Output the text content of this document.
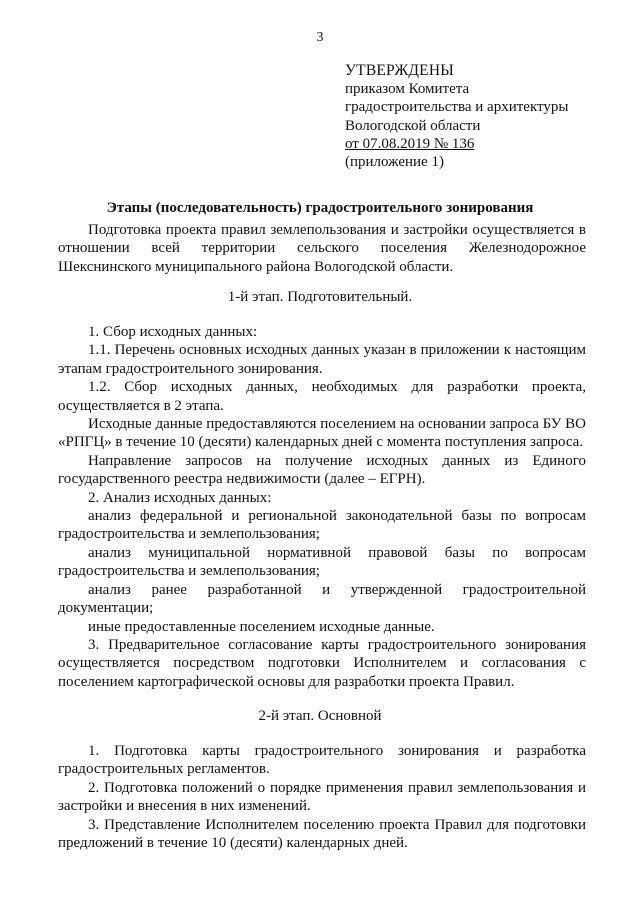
3
УТВЕРЖДЕНЫ
приказом Комитета
градостроительства и архитектуры
Вологодской области
от 07.08.2019 № 136
(приложение 1)
Этапы (последовательность) градостроительного зонирования

Подготовка проекта правил землепользования и застройки осуществляется в отношении всей территории сельского поселения Железнодорожное Шекснинского муниципального района Вологодской области.

1-й этап. Подготовительный.

1. Сбор исходных данных:

1.1. Перечень основных исходных данных указан в приложении к настоящим этапам градостроительного зонирования.

1.2. Сбор исходных данных, необходимых для разработки проекта, осуществляется в 2 этапа.

Исходные данные предоставляются поселением на основании запроса БУ ВО «РПГЦ» в течение 10 (десяти) календарных дней с момента поступления запроса.

Направление запросов на получение исходных данных из Единого государственного реестра недвижимости (далее – ЕГРН).

2. Анализ исходных данных:

анализ федеральной и региональной законодательной базы по вопросам градостроительства и землепользования;

анализ муниципальной нормативной правовой базы по вопросам градостроительства и землепользования;

анализ ранее разработанной и утвержденной градостроительной документации;

иные предоставленные поселением исходные данные.

3. Предварительное согласование карты градостроительного зонирования осуществляется посредством подготовки Исполнителем и согласования с поселением картографической основы для разработки проекта Правил.

2-й этап. Основной

1. Подготовка карты градостроительного зонирования и разработка градостроительных регламентов.

2. Подготовка положений о порядке применения правил землепользования и застройки и внесения в них изменений.

3. Представление Исполнителем поселению проекта Правил для подготовки предложений в течение 10 (десяти) календарных дней.
